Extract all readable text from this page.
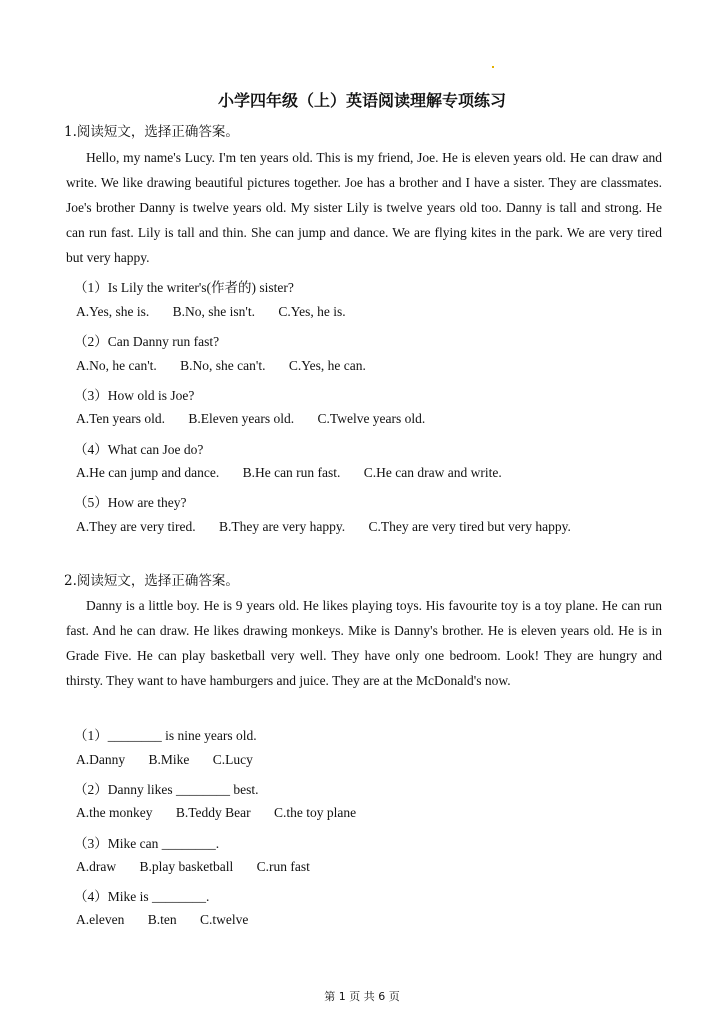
小学四年级（上）英语阅读理解专项练习
1.阅读短文，选择正确答案。
Hello, my name's Lucy. I'm ten years old. This is my friend, Joe. He is eleven years old. He can draw and write. We like drawing beautiful pictures together. Joe has a brother and I have a sister. They are classmates. Joe's brother Danny is twelve years old. My sister Lily is twelve years old too. Danny is tall and strong. He can run fast. Lily is tall and thin. She can jump and dance. We are flying kites in the park. We are very tired but very happy.
（1）Is Lily the writer's(作者的) sister?
A.Yes, she is. B.No, she isn't. C.Yes, he is.
（2）Can Danny run fast?
A.No, he can't. B.No, she can't. C.Yes, he can.
（3）How old is Joe?
A.Ten years old. B.Eleven years old. C.Twelve years old.
（4）What can Joe do?
A.He can jump and dance. B.He can run fast. C.He can draw and write.
（5）How are they?
A.They are very tired. B.They are very happy. C.They are very tired but very happy.
2.阅读短文，选择正确答案。
Danny is a little boy. He is 9 years old. He likes playing toys. His favourite toy is a toy plane. He can run fast. And he can draw. He likes drawing monkeys. Mike is Danny's brother. He is eleven years old. He is in Grade Five. He can play basketball very well. They have only one bedroom. Look! They are hungry and thirsty. They want to have hamburgers and juice. They are at the McDonald's now.
（1）________ is nine years old.
A.Danny B.Mike C.Lucy
（2）Danny likes ________ best.
A.the monkey B.Teddy Bear C.the toy plane
（3）Mike can ________.
A.draw B.play basketball C.run fast
（4）Mike is ________.
A.eleven B.ten C.twelve
第 1 页 共 6 页
